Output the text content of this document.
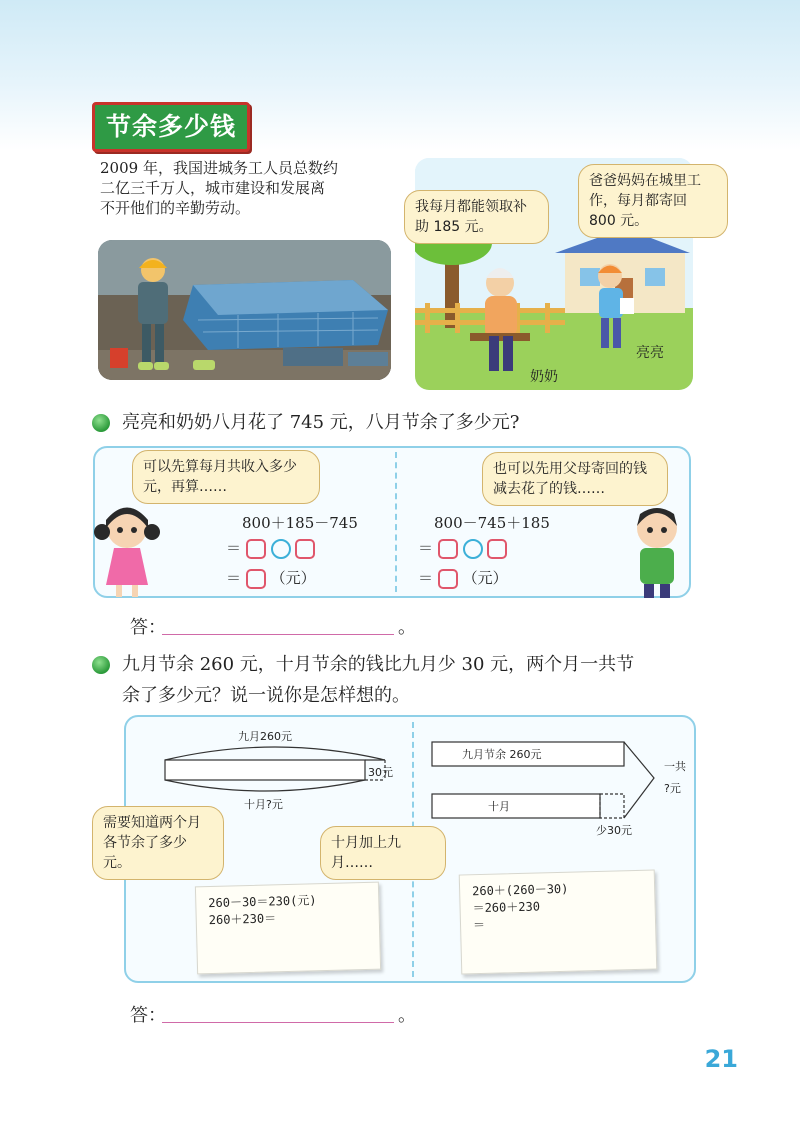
节余多少钱
2009 年，我国进城务工人员总数约
二亿三千万人，城市建设和发展离
不开他们的辛勤劳动。	我每月都能领取补助 185 元。
爸爸妈妈在城里工作，每月都寄回 800 元。
奶奶
亮亮
亮亮和奶奶八月花了 745 元，八月节余了多少元?
可以先算每月共收入多少元，再算……
也可以先用父母寄回的钱减去花了的钱……
800＋185－745
＝
＝ （元）
800－745＋185
＝
＝ （元）
答：	。
九月节余 260 元，十月节余的钱比九月少 30 元，两个月一共节
余了多少元？说一说你是怎样想的。
九月260元
30元
十月?元
九月节余 260元
十月
少30元
一共
?元
需要知道两个月各节余了多少元。
十月加上九月……
260－30＝230(元)
260＋230＝
260＋(260－30)
＝260＋230
＝
答：	。
21
